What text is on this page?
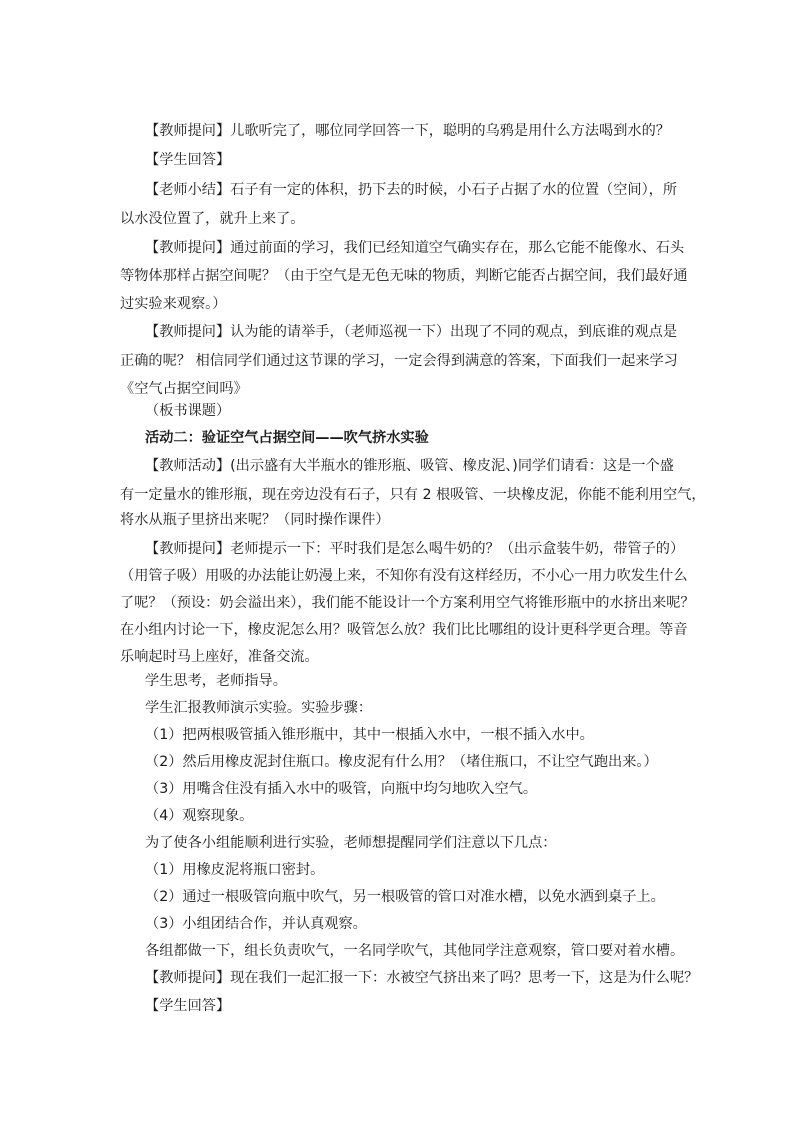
【教师提问】儿歌听完了，哪位同学回答一下，聪明的乌鸦是用什么方法喝到水的？
【学生回答】
【老师小结】石子有一定的体积，扔下去的时候，小石子占据了水的位置（空间），所
以水没位置了，就升上来了。
【教师提问】通过前面的学习，我们已经知道空气确实存在，那么它能不能像水、石头
等物体那样占据空间呢？（由于空气是无色无味的物质，判断它能否占据空间，我们最好通
过实验来观察。）
【教师提问】认为能的请举手，（老师巡视一下）出现了不同的观点，到底谁的观点是
正确的呢？ 相信同学们通过这节课的学习，一定会得到满意的答案，下面我们一起来学习
《空气占据空间吗》
（板书课题）
活动二：验证空气占据空间——吹气挤水实验
【教师活动】(出示盛有大半瓶水的锥形瓶、吸管、橡皮泥、)同学们请看：这是一个盛
有一定量水的锥形瓶，现在旁边没有石子，只有 2 根吸管、一块橡皮泥，你能不能利用空气，
将水从瓶子里挤出来呢？（同时操作课件）
【教师提问】老师提示一下：平时我们是怎么喝牛奶的？（出示盒装牛奶，带管子的）
（用管子吸）用吸的办法能让奶漫上来，不知你有没有这样经历，不小心一用力吹发生什么
了呢？（预设：奶会溢出来），我们能不能设计一个方案利用空气将锥形瓶中的水挤出来呢？
在小组内讨论一下，橡皮泥怎么用？吸管怎么放？我们比比哪组的设计更科学更合理。等音
乐响起时马上座好，准备交流。
学生思考，老师指导。
学生汇报教师演示实验。实验步骤：
（1）把两根吸管插入锥形瓶中，其中一根插入水中，一根不插入水中。
（2）然后用橡皮泥封住瓶口。橡皮泥有什么用？（堵住瓶口，不让空气跑出来。）
（3）用嘴含住没有插入水中的吸管，向瓶中均匀地吹入空气。
（4）观察现象。
为了使各小组能顺利进行实验，老师想提醒同学们注意以下几点：
（1）用橡皮泥将瓶口密封。
（2）通过一根吸管向瓶中吹气，另一根吸管的管口对准水槽，以免水洒到桌子上。
（3）小组团结合作，并认真观察。
各组都做一下，组长负责吹气，一名同学吹气，其他同学注意观察，管口要对着水槽。
【教师提问】现在我们一起汇报一下：水被空气挤出来了吗？思考一下，这是为什么呢？
【学生回答】
